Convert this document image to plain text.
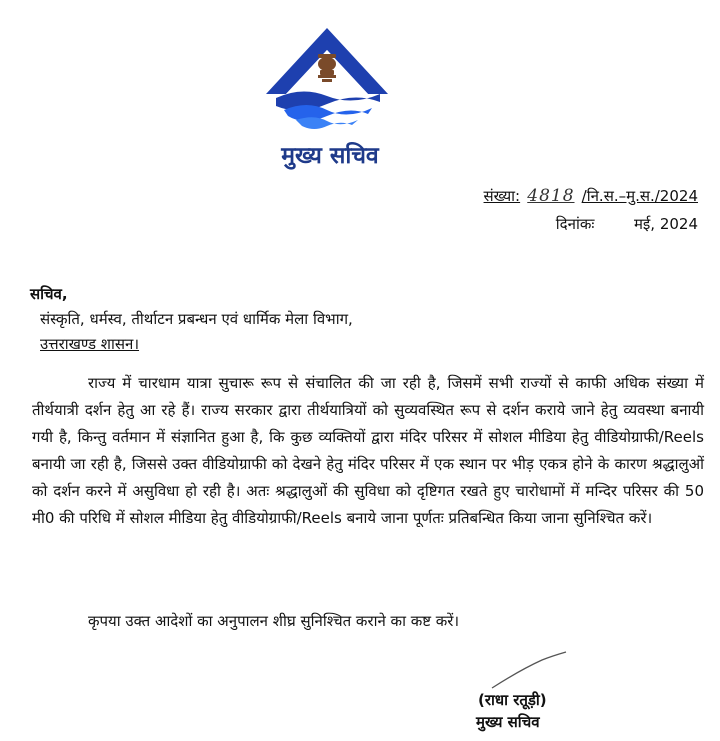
मुख्य सचिव
संख्या: 4818 /नि.स.–मु.स./2024
दिनांकः	मई, 2024
सचिव,
संस्कृति, धर्मस्व, तीर्थाटन प्रबन्धन एवं धार्मिक मेला विभाग,
उत्तराखण्ड शासन।

राज्य में चारधाम यात्रा सुचारू रूप से संचालित की जा रही है, जिसमें सभी राज्यों से काफी अधिक संख्या में तीर्थयात्री दर्शन हेतु आ रहे हैं। राज्य सरकार द्वारा तीर्थयात्रियों को सुव्यवस्थित रूप से दर्शन कराये जाने हेतु व्यवस्था बनायी गयी है, किन्तु वर्तमान में संज्ञानित हुआ है, कि कुछ व्यक्तियों द्वारा मंदिर परिसर में सोशल मीडिया हेतु वीडियोग्राफी/Reels बनायी जा रही है, जिससे उक्त वीडियोग्राफी को देखने हेतु मंदिर परिसर में एक स्थान पर भीड़ एकत्र होने के कारण श्रद्धालुओं को दर्शन करने में असुविधा हो रही है। अतः श्रद्धालुओं की सुविधा को दृष्टिगत रखते हुए चारोधामों में मन्दिर परिसर की 50 मी0 की परिधि में सोशल मीडिया हेतु वीडियोग्राफी/Reels बनाये जाना पूर्णतः प्रतिबन्धित किया जाना सुनिश्चित करें।

कृपया उक्त आदेशों का अनुपालन शीघ्र सुनिश्चित कराने का कष्ट करें।

(राधा रतूड़ी)
मुख्य सचिव
